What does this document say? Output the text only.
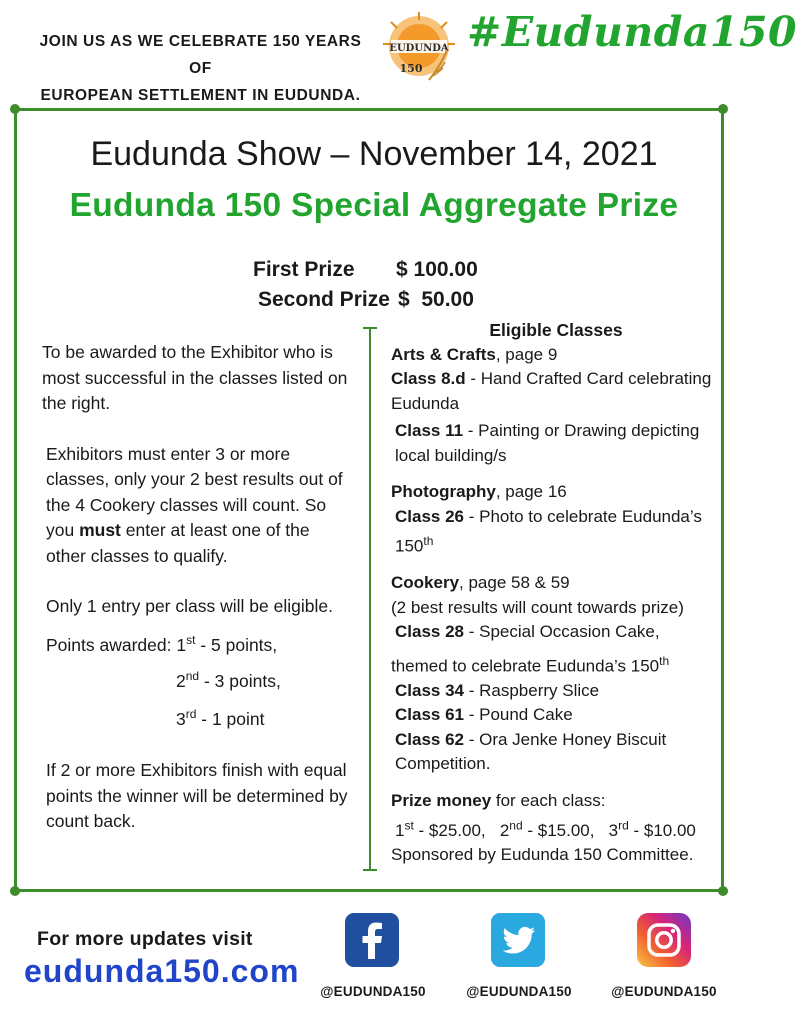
JOIN US AS WE CELEBRATE 150 YEARS OF
EUROPEAN SETTLEMENT IN EUDUNDA.
EUDUNDA
150
#Eudunda150
Eudunda Show – November 14, 2021
Eudunda 150 Special Aggregate Prize
First Prize $ 100.00
Second Prize $  50.00

To be awarded to the Exhibitor who is most successful in the classes listed on the right.

Exhibitors must enter 3 or more classes, only your 2 best results out of the 4 Cookery classes will count. So you must enter at least one of the other classes to qualify.

Only 1 entry per class will be eligible.

Points awarded: 1st - 5 points,
2nd - 3 points,
3rd - 1 point

If 2 or more Exhibitors finish with equal points the winner will be determined by count back.

Eligible Classes
Arts & Crafts, page 9
Class 8.d - Hand Crafted Card celebrating Eudunda
Class 11 - Painting or Drawing depicting local building/s
Photography, page 16
Class 26 - Photo to celebrate Eudunda’s 150th
Cookery, page 58 & 59
(2 best results will count towards prize)
Class 28 - Special Occasion Cake,
themed to celebrate Eudunda’s 150th
Class 34 - Raspberry Slice
Class 61 - Pound Cake
Class 62 - Ora Jenke Honey Biscuit Competition.
Prize money for each class:
1st - $25.00, 2nd - $15.00, 3rd - $10.00
Sponsored by Eudunda 150 Committee.
For more updates visit
eudunda150.com
@EUDUNDA150	@EUDUNDA150	@EUDUNDA150
